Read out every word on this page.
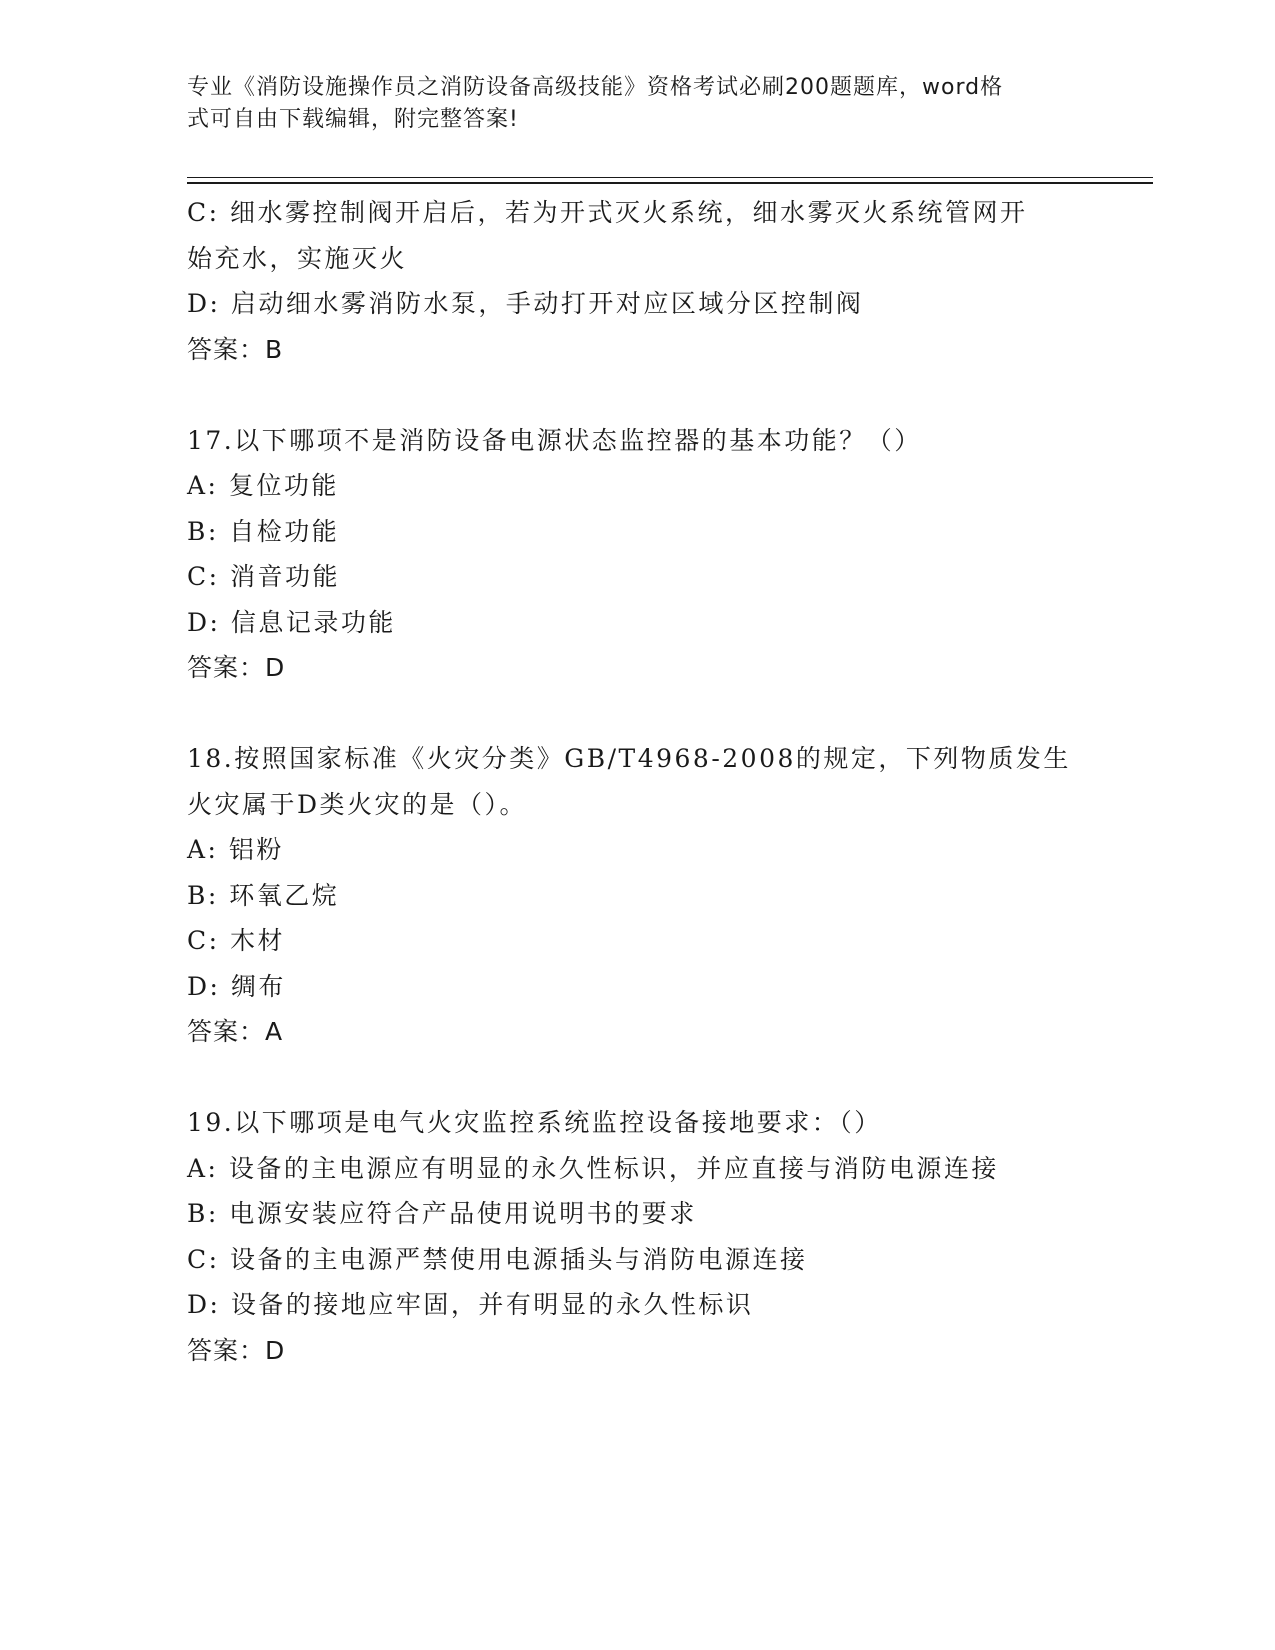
专业《消防设施操作员之消防设备高级技能》资格考试必刷200题题库，word格
式可自由下载编辑，附完整答案!
C: 细水雾控制阀开启后，若为开式灭火系统，细水雾灭火系统管网开
始充水，实施灭火
D: 启动细水雾消防水泵，手动打开对应区域分区控制阀
答案：B
17.以下哪项不是消防设备电源状态监控器的基本功能？（）
A: 复位功能
B: 自检功能
C: 消音功能
D: 信息记录功能
答案：D
18.按照国家标准《火灾分类》GB/T4968-2008的规定，下列物质发生
火灾属于D类火灾的是（）。
A: 铝粉
B: 环氧乙烷
C: 木材
D: 绸布
答案：A
19.以下哪项是电气火灾监控系统监控设备接地要求：（）
A: 设备的主电源应有明显的永久性标识，并应直接与消防电源连接
B: 电源安装应符合产品使用说明书的要求
C: 设备的主电源严禁使用电源插头与消防电源连接
D: 设备的接地应牢固，并有明显的永久性标识
答案：D
